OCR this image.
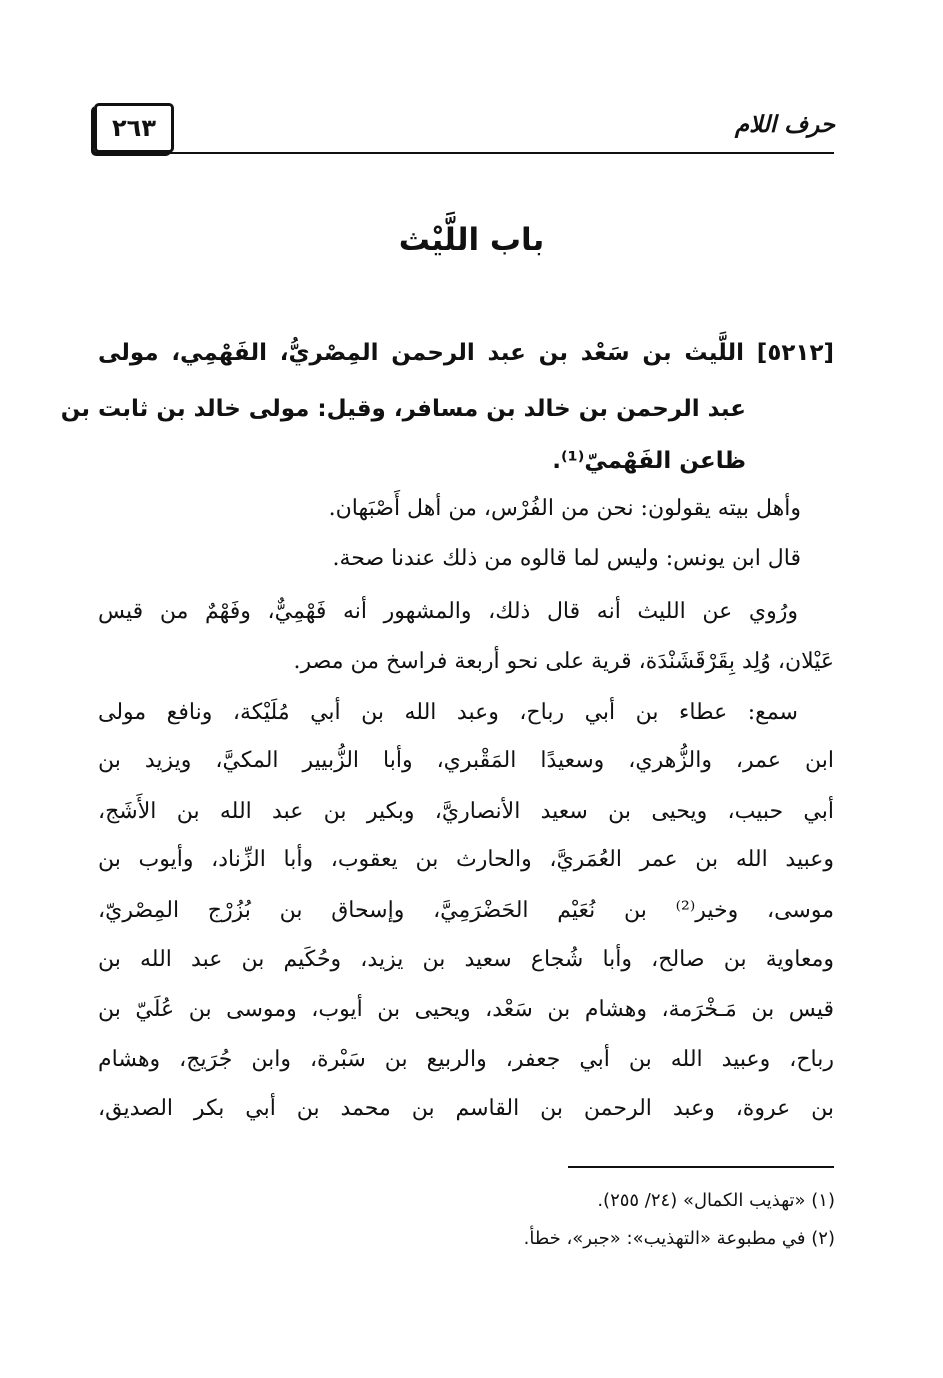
٢٦٣	حرف اللام
باب اللَّيْث
[٥٢١٢] اللَّيث بن سَعْد بن عبد الرحمن المِصْريُّ، الفَهْمِي، مولى
عبد الرحمن بن خالد بن مسافر، وقيل: مولى خالد بن ثابت بن
ظاعن الفَهْميّ⁽¹⁾.
وأهل بيته يقولون: نحن من الفُرْس، من أهل أَصْبَهان.
قال ابن يونس: وليس لما قالوه من ذلك عندنا صحة.
ورُوي عن الليث أنه قال ذلك، والمشهور أنه فَهْمِيٌّ، وفَهْمٌ من قيس
عَيْلان، وُلِد بِقَرْقَشَنْدَة، قرية على نحو أربعة فراسخ من مصر.
سمع: عطاء بن أبي رباح، وعبد الله بن أبي مُلَيْكة، ونافع مولى
ابن عمر، والزُّهري، وسعيدًا المَقْبري، وأبا الزُّبيير المكيَّ، ويزيد بن
أبي حبيب، ويحيى بن سعيد الأنصاريَّ، وبكير بن عبد الله بن الأَشَج،
وعبيد الله بن عمر العُمَريَّ، والحارث بن يعقوب، وأبا الزِّناد، وأيوب بن
موسى، وخير⁽²⁾ بن نُعَيْم الحَضْرَمِيَّ، وإسحاق بن بُزُرْج المِصْريّ،
ومعاوية بن صالح، وأبا شُجاع سعيد بن يزيد، وحُكَيم بن عبد الله بن
قيس بن مَـخْرَمة، وهشام بن سَعْد، ويحيى بن أيوب، وموسى بن عُلَيّ بن
رباح، وعبيد الله بن أبي جعفر، والربيع بن سَبْرة، وابن جُرَيج، وهشام
بن عروة، وعبد الرحمن بن القاسم بن محمد بن أبي بكر الصديق،
(١) «تهذيب الكمال» (٢٤/ ٢٥٥).
(٢) في مطبوعة «التهذيب»: «جبر»، خطأ.
